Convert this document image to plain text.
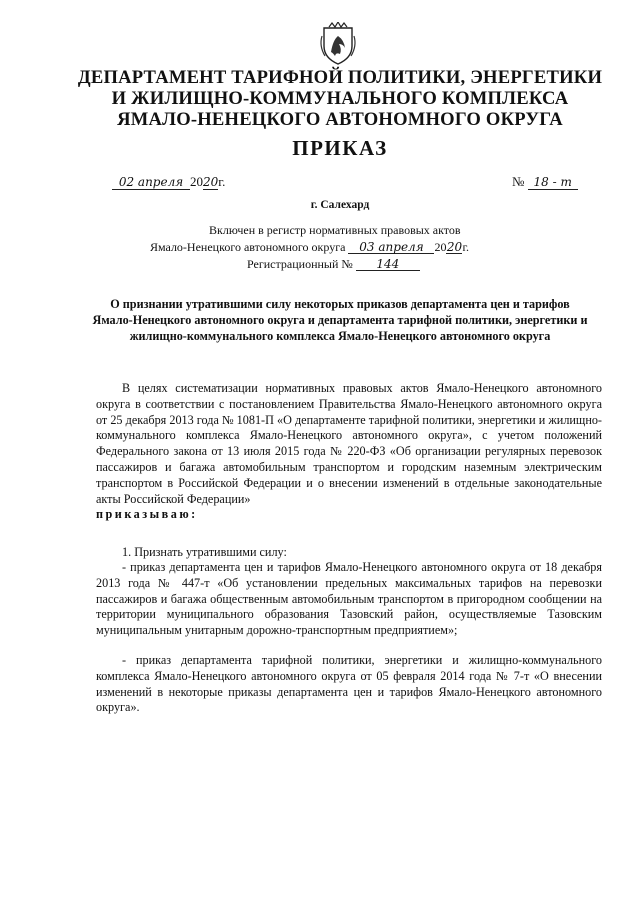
ДЕПАРТАМЕНТ ТАРИФНОЙ ПОЛИТИКИ, ЭНЕРГЕТИКИ
И ЖИЛИЩНО-КОММУНАЛЬНОГО КОМПЛЕКСА
ЯМАЛО-НЕНЕЦКОГО АВТОНОМНОГО ОКРУГА
ПРИКАЗ
02 апреля 2020г.	№ 18 - т
г. Салехард
Включен в регистр нормативных правовых актов
Ямало-Ненецкого автономного округа 03 апреля 2020г.
Регистрационный № 144
О признании утратившими силу некоторых приказов департамента цен и тарифов Ямало-Ненецкого автономного округа и департамента тарифной политики, энергетики и жилищно-коммунального комплекса Ямало-Ненецкого автономного округа

В целях систематизации нормативных правовых актов Ямало-Ненецкого автономного округа в соответствии с постановлением Правительства Ямало-Ненецкого автономного округа от 25 декабря 2013 года № 1081-П «О департаменте тарифной политики, энергетики и жилищно-коммунального комплекса Ямало-Ненецкого автономного округа», с учетом положений Федерального закона от 13 июля 2015 года № 220-ФЗ «Об организации регулярных перевозок пассажиров и багажа автомобильным транспортом и городским наземным электрическим транспортом в Российской Федерации и о внесении изменений в отдельные законодательные акты Российской Федерации»
приказываю:

1. Признать утратившими силу:
- приказ департамента цен и тарифов Ямало-Ненецкого автономного округа от 18 декабря 2013 года № 447-т «Об установлении предельных максимальных тарифов на перевозки пассажиров и багажа общественным автомобильным транспортом в пригородном сообщении на территории муниципального образования Тазовский район, осуществляемые Тазовским муниципальным унитарным дорожно-транспортным предприятием»;
- приказ департамента тарифной политики, энергетики и жилищно-коммунального комплекса Ямало-Ненецкого автономного округа от 05 февраля 2014 года № 7-т «О внесении изменений в некоторые приказы департамента цен и тарифов Ямало-Ненецкого автономного округа».
